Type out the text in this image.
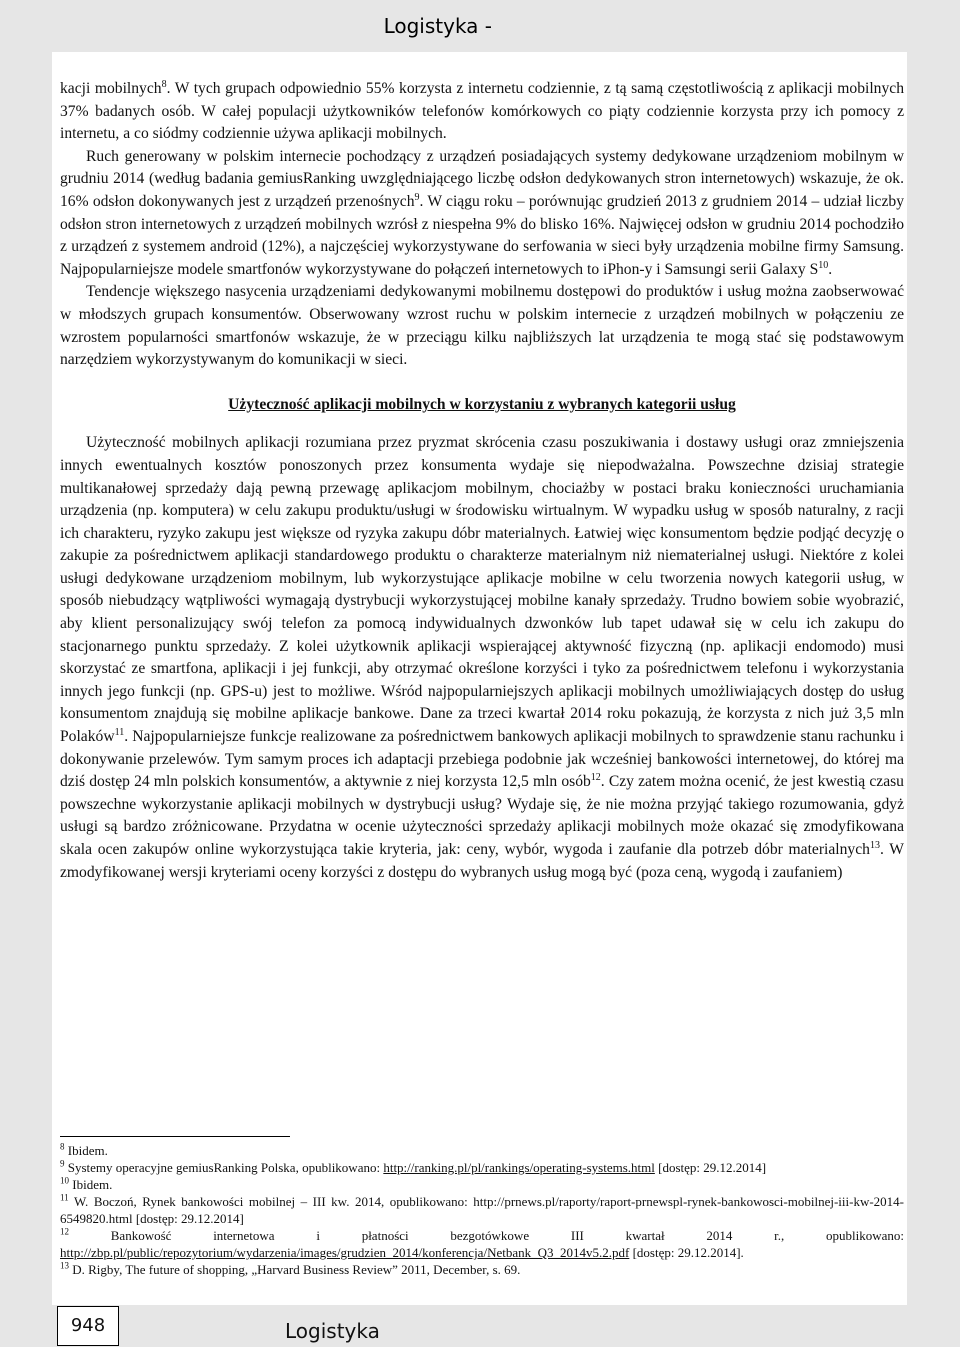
Logistyka -

kacji mobilnych$^8$. W tych grupach odpowiednio 55% korzysta z internetu codziennie, z tą samą częstotliwością z aplikacji mobilnych 37% badanych osób. W całej populacji użytkowników telefonów komórkowych co piąty codziennie korzysta przy ich pomocy z internetu, a co siódmy codziennie używa aplikacji mobilnych.

Ruch generowany w polskim internecie pochodzący z urządzeń posiadających systemy dedykowane urządzeniom mobilnym w grudniu 2014 (według badania gemiusRanking uwzględniającego liczbę odsłon dedykowanych stron internetowych) wskazuje, że ok. 16% odsłon dokonywanych jest z urządzeń przenośnych$^9$. W ciągu roku – porównując grudzień 2013 z grudniem 2014 – udział liczby odsłon stron internetowych z urządzeń mobilnych wzrósł z niespełna 9% do blisko 16%. Najwięcej odsłon w grudniu 2014 pochodziło z urządzeń z systemem android (12%), a najczęściej wykorzystywane do serfowania w sieci były urządzenia mobilne firmy Samsung. Najpopularniejsze modele smartfonów wykorzystywane do połączeń internetowych to iPhon-y i Samsungi serii Galaxy $S^{10}$.

Tendencje większego nasycenia urządzeniami dedykowanymi mobilnemu dostępowi do produktów i usług można zaobserwować w młodszych grupach konsumentów. Obserwowany wzrost ruchu w polskim internecie z urządzeń mobilnych w połączeniu ze wzrostem popularności smartfonów wskazuje, że w przeciągu kilku najbliższych lat urządzenia te mogą stać się podstawowym narzędziem wykorzystywanym do komunikacji w sieci.

Użyteczność aplikacji mobilnych w korzystaniu z wybranych kategorii usług

Użyteczność mobilnych aplikacji rozumiana przez pryzmat skrócenia czasu poszukiwania i dostawy usługi oraz zmniejszenia innych ewentualnych kosztów ponoszonych przez konsumenta wydaje się niepodważalna. Powszechne dzisiaj strategie multikanałowej sprzedaży dają pewną przewagę aplikacjom mobilnym, chociażby w postaci braku konieczności uruchamiania urządzenia (np. komputera) w celu zakupu produktu/usługi w środowisku wirtualnym. W wypadku usług w sposób naturalny, z racji ich charakteru, ryzyko zakupu jest większe od ryzyka zakupu dóbr materialnych. Łatwiej więc konsumentom będzie podjąć decyzję o zakupie za pośrednictwem aplikacji standardowego produktu o charakterze materialnym niż niematerialnej usługi. Niektóre z kolei usługi dedykowane urządzeniom mobilnym, lub wykorzystujące aplikacje mobilne w celu tworzenia nowych kategorii usług, w sposób niebudzący wątpliwości wymagają dystrybucji wykorzystującej mobilne kanały sprzedaży. Trudno bowiem sobie wyobrazić, aby klient personalizujący swój telefon za pomocą indywidualnych dzwonków lub tapet udawał się w celu ich zakupu do stacjonarnego punktu sprzedaży. Z kolei użytkownik aplikacji wspierającej aktywność fizyczną (np. aplikacji endomodo) musi skorzystać ze smartfona, aplikacji i jej funkcji, aby otrzymać określone korzyści i tyko za pośrednictwem telefonu i wykorzystania innych jego funkcji (np. GPS-u) jest to możliwe. Wśród najpopularniejszych aplikacji mobilnych umożliwiających dostęp do usług konsumentom znajdują się mobilne aplikacje bankowe. Dane za trzeci kwartał 2014 roku pokazują, że korzysta z nich już 3,5 mln Polaków$^{11}$. Najpopularniejsze funkcje realizowane za pośrednictwem bankowych aplikacji mobilnych to sprawdzenie stanu rachunku i dokonywanie przelewów. Tym samym proces ich adaptacji przebiega podobnie jak wcześniej bankowości internetowej, do której ma dziś dostęp 24 mln polskich konsumentów, a aktywnie z niej korzysta 12,5 mln osób$^{12}$. Czy zatem można ocenić, że jest kwestią czasu powszechne wykorzystanie aplikacji mobilnych w dystrybucji usług? Wydaje się, że nie można przyjąć takiego rozumowania, gdyż usługi są bardzo zróżnicowane. Przydatna w ocenie użyteczności sprzedaży aplikacji mobilnych może okazać się zmodyfikowana skala ocen zakupów online wykorzystująca takie kryteria, jak: ceny, wybór, wygoda i zaufanie dla potrzeb dóbr materialnych$^{13}$. W zmodyfikowanej wersji kryteriami oceny korzyści z dostępu do wybranych usług mogą być (poza ceną, wygodą i zaufaniem)

$^8$ Ibidem.

$^9$ Systemy operacyjne gemiusRanking Polska, opublikowano: http://ranking.pl/pl/rankings/operating-systems.html [dostęp: 29.12.2014]

$^{10}$ Ibidem.

$^{11}$ W. Boczoń, Rynek bankowości mobilnej – III kw. 2014, opublikowano: http://prnews.pl/raporty/raport-prnewspl-rynek-bankowosci-mobilnej-iii-kw-2014-6549820.html [dostęp: 29.12.2014]

$^{12}$	Bankowość internetowa i płatności bezgotówkowe III kwartał 2014 r., opublikowano: http://zbp.pl/public/repozytorium/wydarzenia/images/grudzien_2014/konferencja/Netbank_Q3_2014v5.2.pdf [dostęp: 29.12.2014].

$^{13}$ D. Rigby, The future of shopping, „Harvard Business Review” 2011, December, s. 69.

948	Logistyka
